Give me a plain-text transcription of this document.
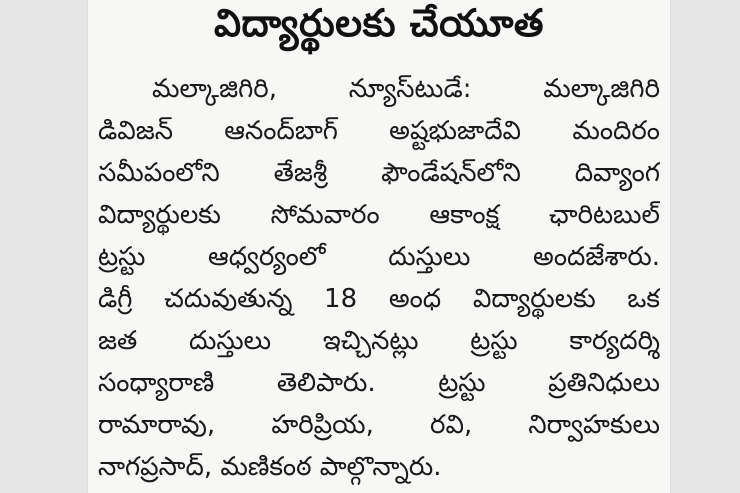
విద్యార్థులకు చేయూత
మల్కాజిగిరి, న్యూస్‌టుడే: మల్కాజిగిరి
డివిజన్ ఆనంద్‌బాగ్ అష్టభుజాదేవి మందిరం
సమీపంలోని తేజశ్రీ ఫౌండేషన్‌లోని దివ్యాంగ
విద్యార్థులకు సోమవారం ఆకాంక్ష ఛారిటబుల్
ట్రస్టు ఆధ్వర్యంలో దుస్తులు అందజేశారు.
డిగ్రీ చదువుతున్న 18 అంధ విద్యార్థులకు ఒక
జత దుస్తులు ఇచ్చినట్లు ట్రస్టు కార్యదర్శి
సంధ్యారాణి తెలిపారు. ట్రస్టు ప్రతినిధులు
రామారావు, హరిప్రియ, రవి, నిర్వాహకులు
నాగప్రసాద్, మణికంఠ పాల్గొన్నారు.
